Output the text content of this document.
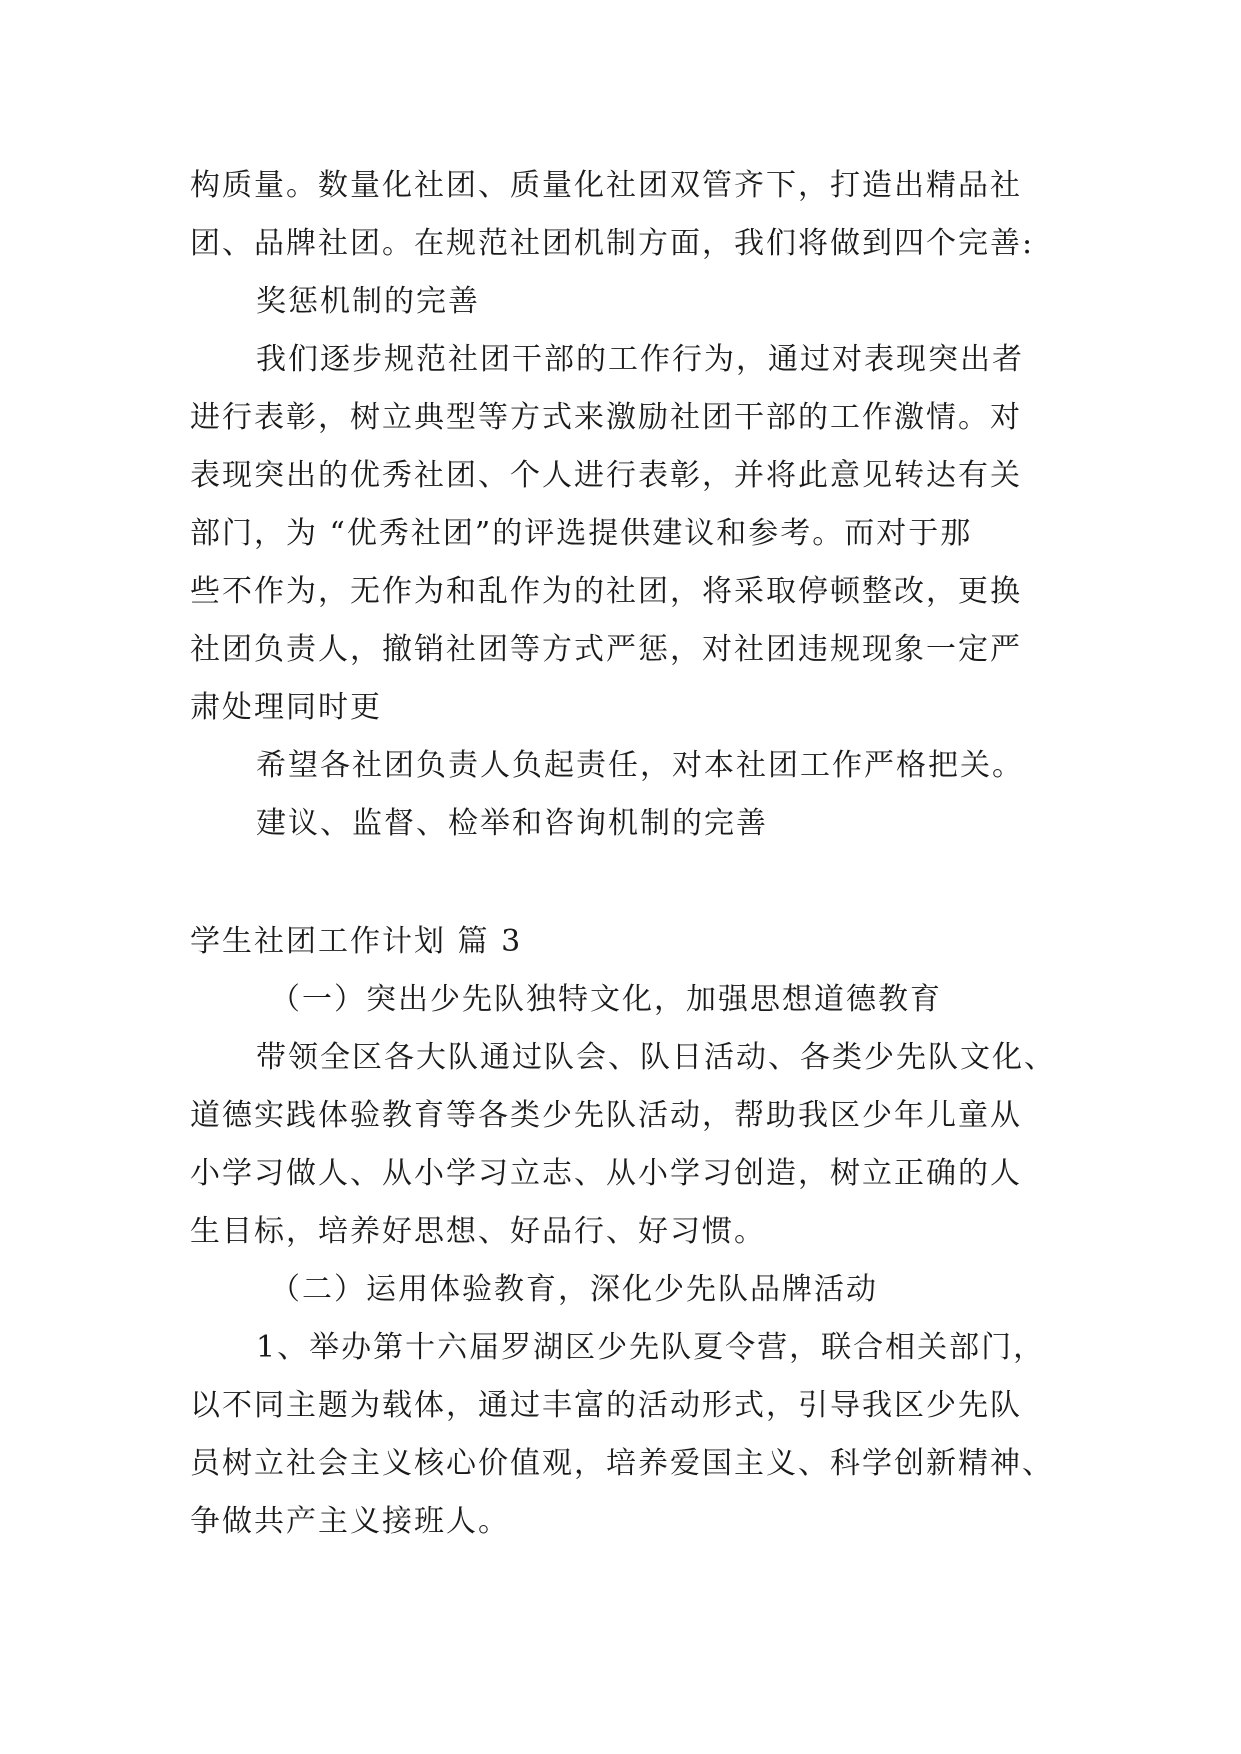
构质量。数量化社团、质量化社团双管齐下，打造出精品社
团、品牌社团。在规范社团机制方面，我们将做到四个完善:
奖惩机制的完善
我们逐步规范社团干部的工作行为，通过对表现突出者
进行表彰，树立典型等方式来激励社团干部的工作激情。对
表现突出的优秀社团、个人进行表彰，并将此意见转达有关
部门，为 “优秀社团”的评选提供建议和参考。而对于那
些不作为，无作为和乱作为的社团，将采取停顿整改，更换
社团负责人，撤销社团等方式严惩，对社团违规现象一定严
肃处理同时更
希望各社团负责人负起责任，对本社团工作严格把关。
建议、监督、检举和咨询机制的完善
学生社团工作计划 篇 3
（一）突出少先队独特文化，加强思想道德教育
带领全区各大队通过队会、队日活动、各类少先队文化、
道德实践体验教育等各类少先队活动，帮助我区少年儿童从
小学习做人、从小学习立志、从小学习创造，树立正确的人
生目标，培养好思想、好品行、好习惯。
（二）运用体验教育，深化少先队品牌活动
1、举办第十六届罗湖区少先队夏令营，联合相关部门，
以不同主题为载体，通过丰富的活动形式，引导我区少先队
员树立社会主义核心价值观，培养爱国主义、科学创新精神、
争做共产主义接班人。
